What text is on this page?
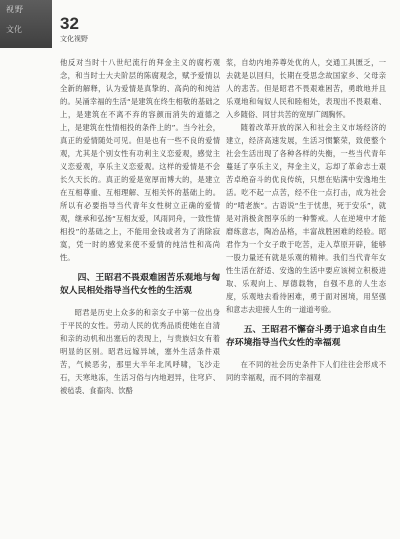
视野
文化 32
文化视野

他反对当时十八世纪流行的拜金主义的腐朽观念，和当时士大夫阶层的陈腐观念，赋予爱情以全新的解释，认为爱情是真挚的、高尚的和纯洁的。吴涌幸福的生活“是建筑在终生相敬的基础之上，是建筑在不离不弃的容颜而消失的道德之上，是建筑在性情相投的条件上的”。当今社会，真正的爱情随处可见。但是也有一些不良的爱情观，尤其是个别女性有功利主义恋爱观，感觉主义恋爱观，享乐主义恋爱观。这样的爱情是不会长久天长的。真正的爱是宽厚而博大的，是建立在互相尊重、互相理解、互相关怀的基础上的。所以有必要指导当代青年女性树立正确的爱情观，继承和弘扬“互相友爱，风雨同舟，一致性情相投”的基础之上，不能用金钱或者为了消除寂寞，凭一时的感觉来使不爱情的纯洁性和高尚性。

四、王昭君不畏艰难困苦乐观地与匈奴人民相处指导当代女性的生活观

昭君是历史上众多的和亲女子中第一位出身于平民的女性。劳动人民的优秀品质使她在自清和亲的动机和出塞后的表现上，与贵族妇女有着明显的区别。昭君远嫁异域，塞外生活条件艰苦，气候恶劣，那里大半年北风呼啸，飞沙走石，天寒地冻，生活习俗与内地迥异，住穹庐、被毡裘、食畜肉、饮酪

浆，自幼内地养尊处优的人，交通工具匮乏，一去就是以回归，长期在受思念故国家乡、父母亲人的悲苦。但是昭君不畏艰难困苦，勇敢地并且乐观地和匈奴人民和睦相处，表现出不畏艰难、入乡随俗、同甘共苦的宽厚广阔胸怀。

随着改革开放的深入和社会主义市场经济的建立，经济高速发展，生活习惯繁荣，致使整个社会生活出现了各种各样的失衡，一些当代青年蔓延了享乐主义，拜金主义，忘却了革命志士艰苦卓绝奋斗的优良传统，只想在贴满中安逸地生活。吃不起一点苦，经不住一点打击，成为社会的“啃老族”。古语说“生于忧患，死于安乐”，就是对消极贪图享乐的一种警戒。人在逆境中才能磨练意志，陶冶品格，丰富战胜困难的经验。昭君作为一个女子敢于吃苦，走入草原开辟，能够一股力量还有就是乐观的精神。我们当代青年女性生活在舒适、安逸的生活中要应该树立积极进取、乐观向上、厚德载物，自强不息的人生态度，乐观地去看待困难，勇于面对困境，用坚强和意志去迎接人生的一道道考验。

五、王昭君不懈奋斗勇于追求自由生存环境指导当代女性的幸福观

在不同的社会历史条件下人们往往会形成不同的幸福观，而不同的幸福观
